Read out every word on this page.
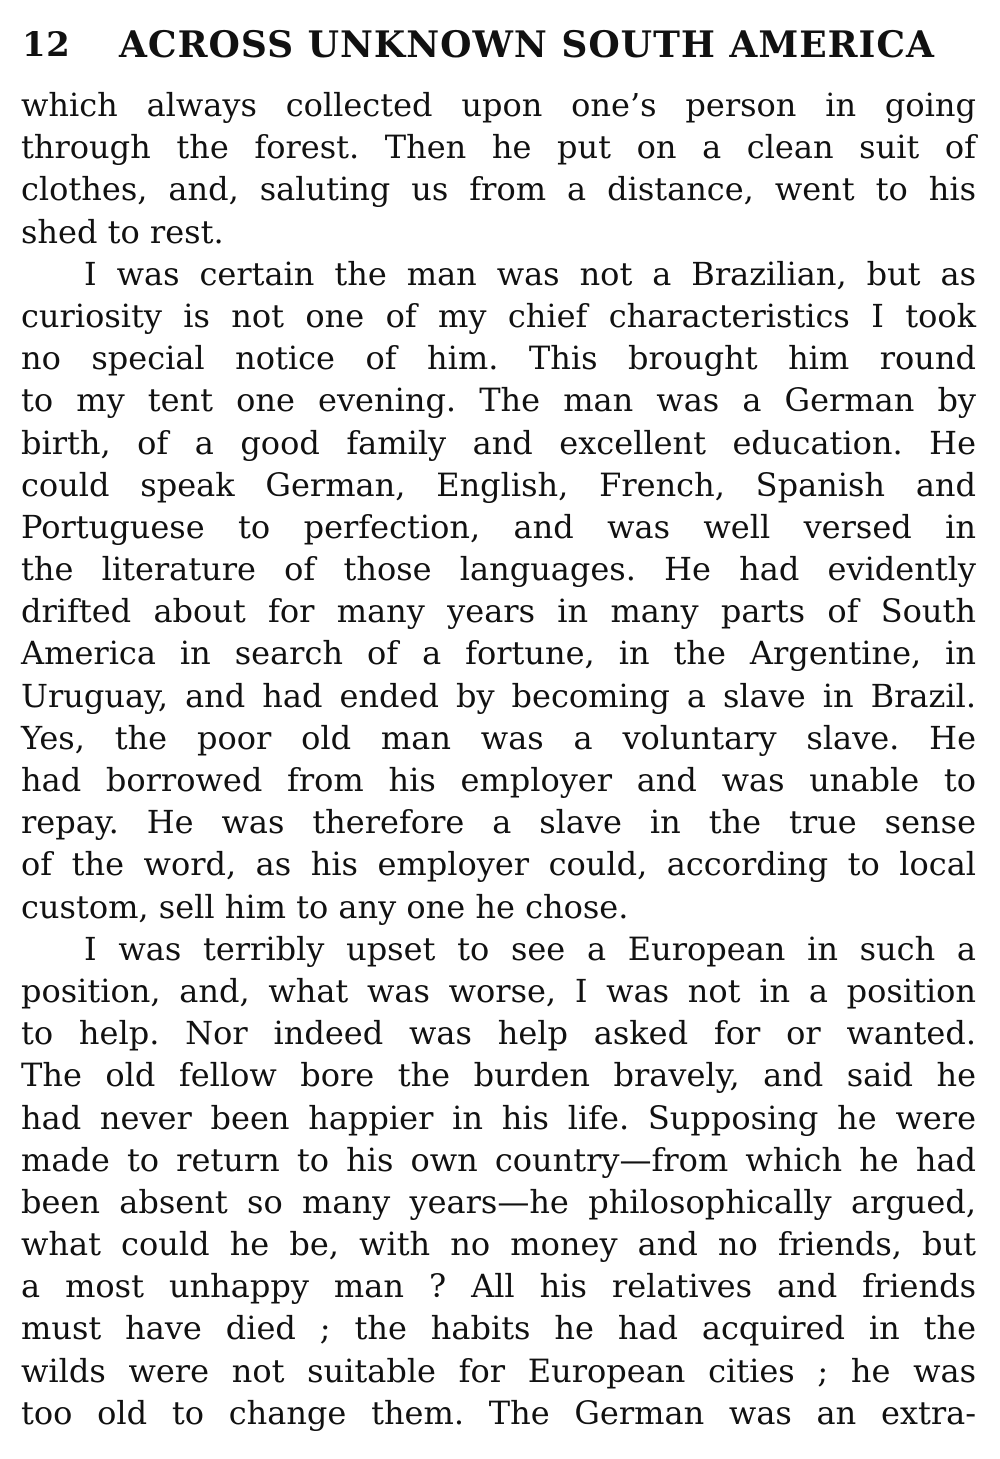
12 ACROSS UNKNOWN SOUTH AMERICA
which always collected upon one’s person in going
through the forest. Then he put on a clean suit of
clothes, and, saluting us from a distance, went to his
shed to rest.
I was certain the man was not a Brazilian, but as
curiosity is not one of my chief characteristics I took
no special notice of him. This brought him round
to my tent one evening. The man was a German by
birth, of a good family and excellent education. He
could speak German, English, French, Spanish and
Portuguese to perfection, and was well versed in
the literature of those languages. He had evidently
drifted about for many years in many parts of South
America in search of a fortune, in the Argentine, in
Uruguay, and had ended by becoming a slave in Brazil.
Yes, the poor old man was a voluntary slave. He
had borrowed from his employer and was unable to
repay. He was therefore a slave in the true sense
of the word, as his employer could, according to local
custom, sell him to any one he chose.
I was terribly upset to see a European in such a
position, and, what was worse, I was not in a position
to help. Nor indeed was help asked for or wanted.
The old fellow bore the burden bravely, and said he
had never been happier in his life. Supposing he were
made to return to his own country—from which he had
been absent so many years—he philosophically argued,
what could he be, with no money and no friends, but
a most unhappy man ? All his relatives and friends
must have died ; the habits he had acquired in the
wilds were not suitable for European cities ; he was
too old to change them. The German was an extra-
